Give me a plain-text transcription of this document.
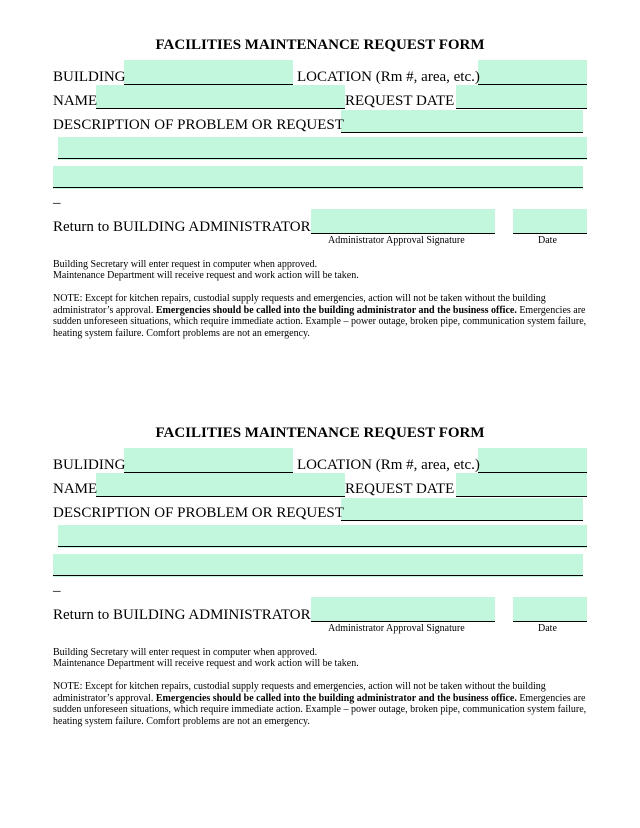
FACILITIES MAINTENANCE REQUEST FORM
BUILDING	LOCATION (Rm #, area, etc.)
NAME	REQUEST DATE
DESCRIPTION OF PROBLEM OR REQUEST
_
Return to BUILDING ADMINISTRATOR
Administrator Approval Signature	Date
Building Secretary will enter request in computer when approved.
Maintenance Department will receive request and work action will be taken.
NOTE: Except for kitchen repairs, custodial supply requests and emergencies, action will not be taken without the building administrator’s approval. Emergencies should be called into the building administrator and the business office. Emergencies are sudden unforeseen situations, which require immediate action. Example – power outage, broken pipe, communication system failure, heating system failure. Comfort problems are not an emergency.
FACILITIES MAINTENANCE REQUEST FORM
BULIDING	LOCATION (Rm #, area, etc.)
NAME	REQUEST DATE
DESCRIPTION OF PROBLEM OR REQUEST
_
Return to BUILDING ADMINISTRATOR
Administrator Approval Signature	Date
Building Secretary will enter request in computer when approved.
Maintenance Department will receive request and work action will be taken.
NOTE: Except for kitchen repairs, custodial supply requests and emergencies, action will not be taken without the building administrator’s approval. Emergencies should be called into the building administrator and the business office. Emergencies are sudden unforeseen situations, which require immediate action. Example – power outage, broken pipe, communication system failure, heating system failure. Comfort problems are not an emergency.
